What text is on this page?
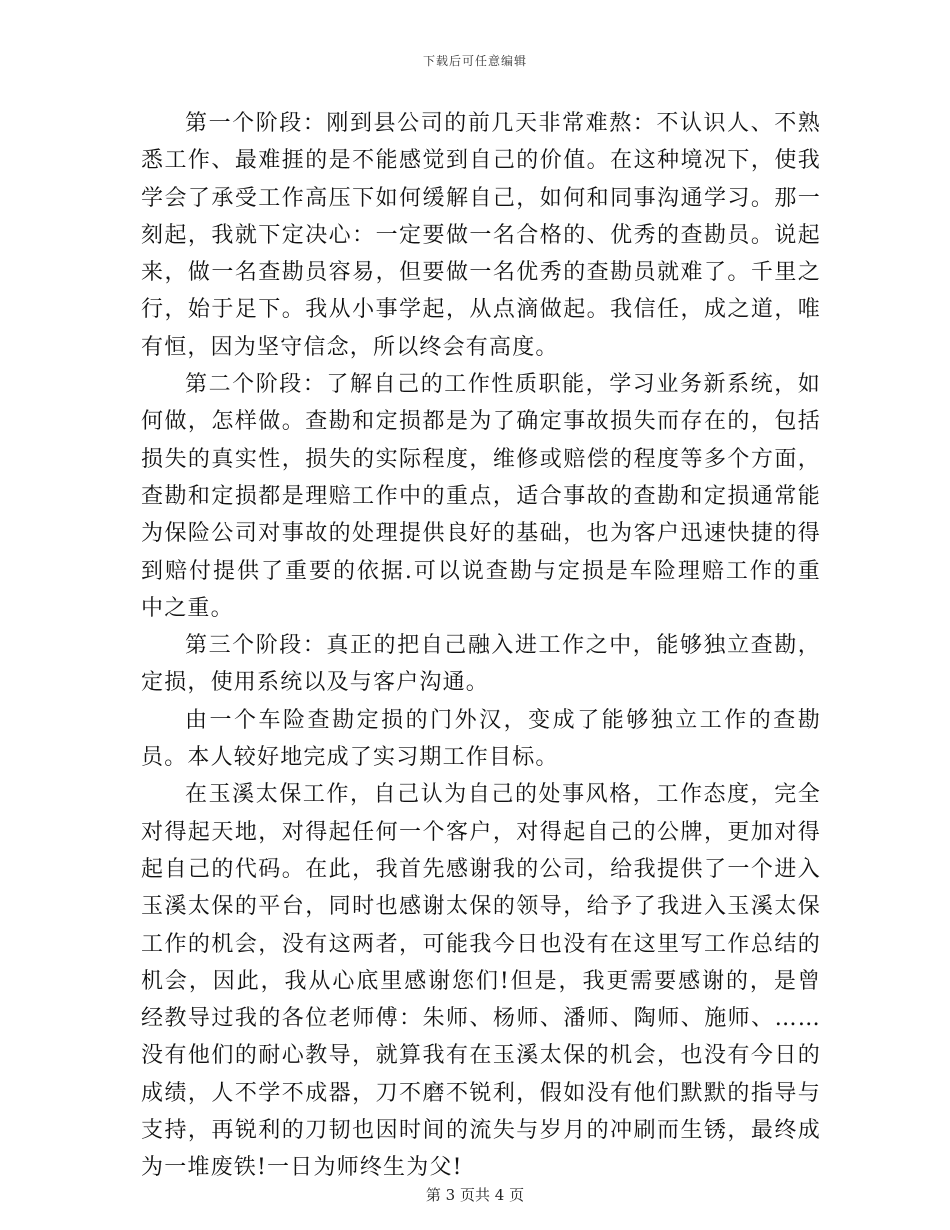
下载后可任意编辑

第一个阶段：刚到县公司的前几天非常难熬：不认识人、不熟悉工作、最难捱的是不能感觉到自己的价值。在这种境况下，使我学会了承受工作高压下如何缓解自己，如何和同事沟通学习。那一刻起，我就下定决心：一定要做一名合格的、优秀的查勘员。说起来，做一名查勘员容易，但要做一名优秀的查勘员就难了。千里之行，始于足下。我从小事学起，从点滴做起。我信任，成之道，唯有恒，因为坚守信念，所以终会有高度。

第二个阶段：了解自己的工作性质职能，学习业务新系统，如何做，怎样做。查勘和定损都是为了确定事故损失而存在的，包括损失的真实性，损失的实际程度，维修或赔偿的程度等多个方面，查勘和定损都是理赔工作中的重点，适合事故的查勘和定损通常能为保险公司对事故的处理提供良好的基础，也为客户迅速快捷的得到赔付提供了重要的依据.可以说查勘与定损是车险理赔工作的重中之重。

第三个阶段：真正的把自己融入进工作之中，能够独立查勘，定损，使用系统以及与客户沟通。

由一个车险查勘定损的门外汉，变成了能够独立工作的查勘员。本人较好地完成了实习期工作目标。

在玉溪太保工作，自己认为自己的处事风格，工作态度，完全对得起天地，对得起任何一个客户，对得起自己的公牌，更加对得起自己的代码。在此，我首先感谢我的公司，给我提供了一个进入玉溪太保的平台，同时也感谢太保的领导，给予了我进入玉溪太保工作的机会，没有这两者，可能我今日也没有在这里写工作总结的机会，因此，我从心底里感谢您们!但是，我更需要感谢的，是曾经教导过我的各位老师傅：朱师、杨师、潘师、陶师、施师、……没有他们的耐心教导，就算我有在玉溪太保的机会，也没有今日的成绩，人不学不成器，刀不磨不锐利，假如没有他们默默的指导与支持，再锐利的刀韧也因时间的流失与岁月的冲刷而生锈，最终成为一堆废铁!一日为师终生为父!

第 3 页共 4 页
